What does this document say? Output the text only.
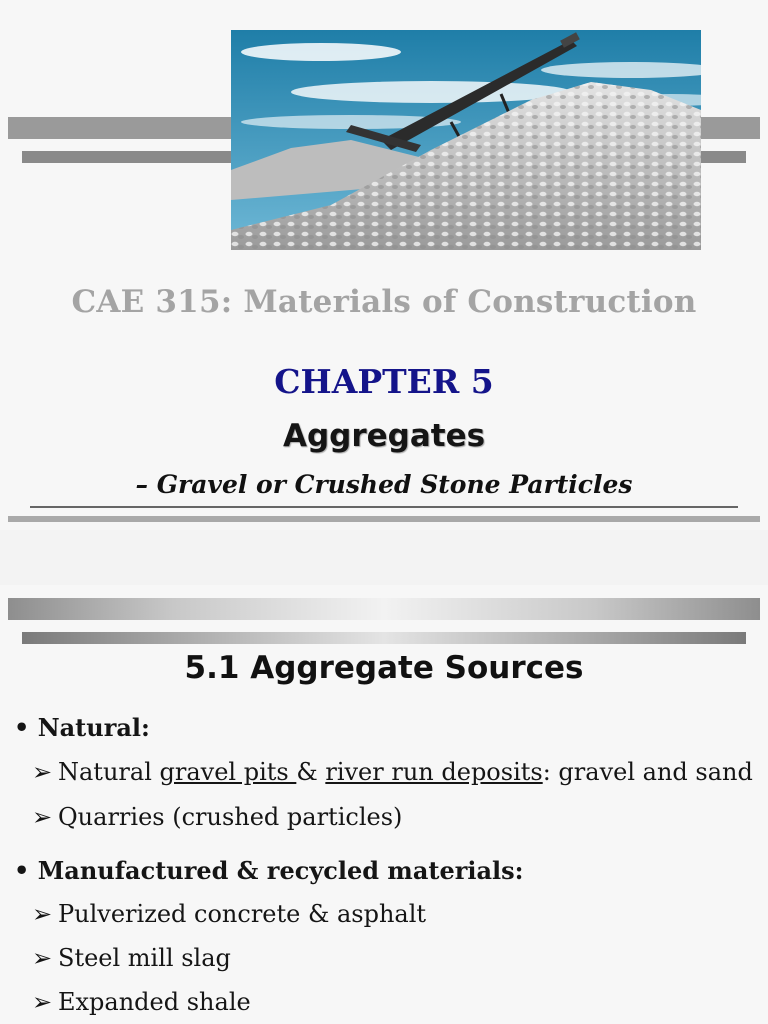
CAE 315: Materials of Construction
CHAPTER 5
Aggregates
– Gravel or Crushed Stone Particles
5.1 Aggregate Sources
• Natural:
➢ Natural gravel pits & river run deposits: gravel and sand
➢ Quarries (crushed particles)
• Manufactured & recycled materials:
➢ Pulverized concrete & asphalt
➢ Steel mill slag
➢ Expanded shale
